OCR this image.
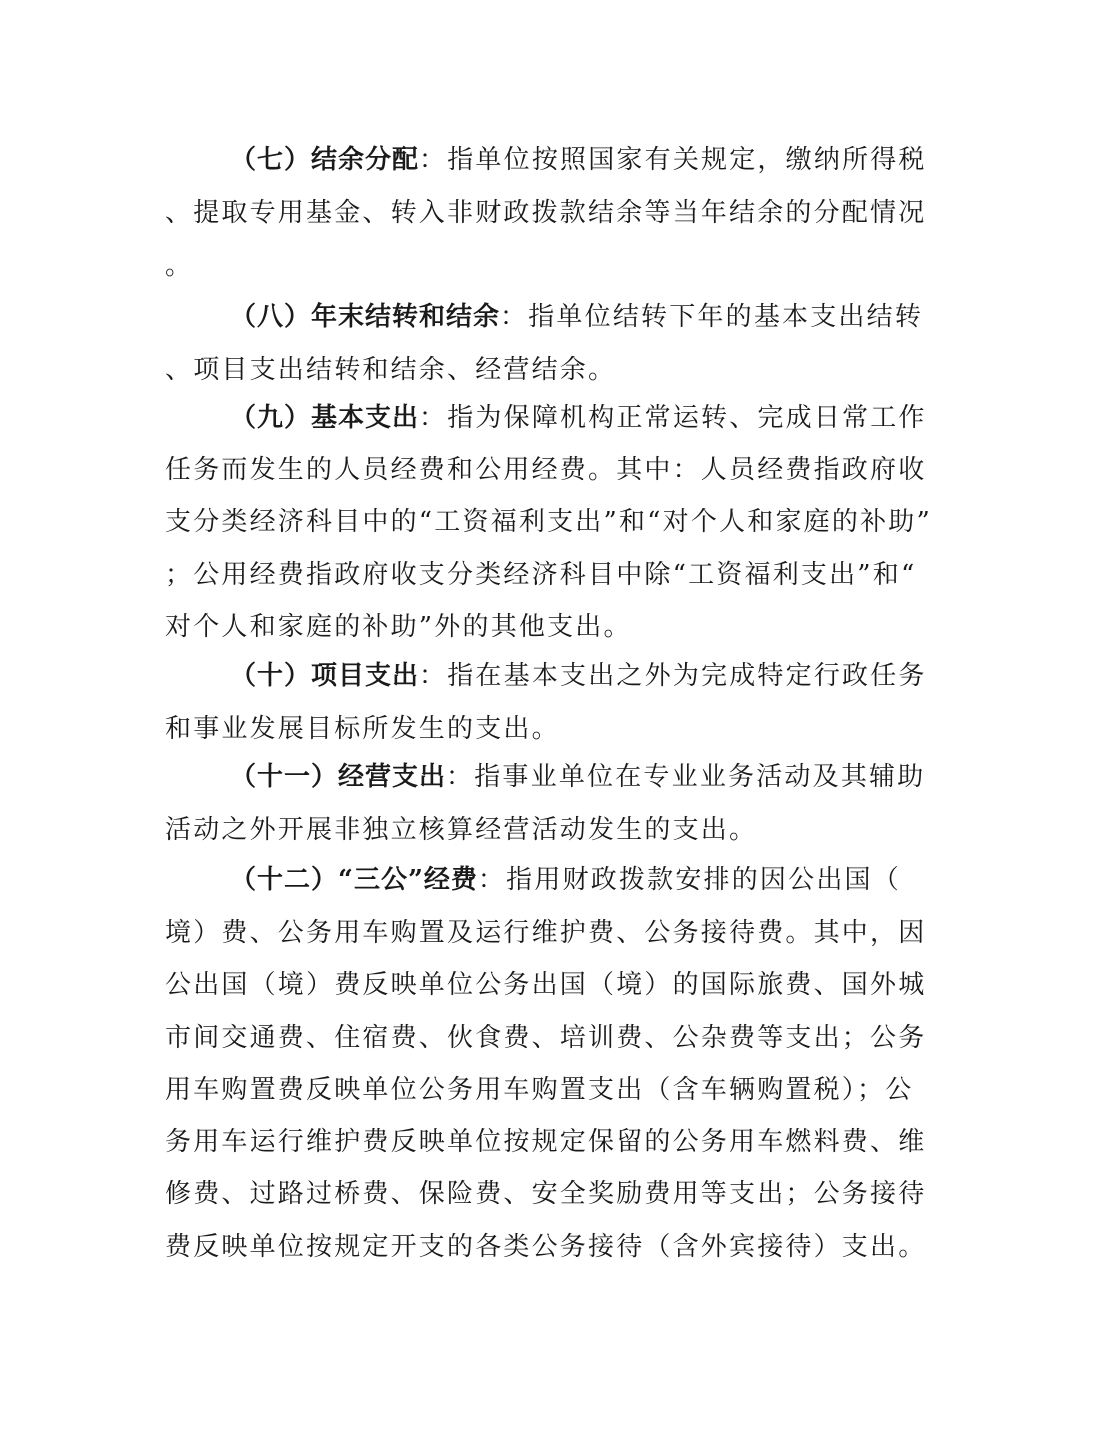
（七）结余分配：指单位按照国家有关规定，缴纳所得税
、提取专用基金、转入非财政拨款结余等当年结余的分配情况
。
（八）年末结转和结余：指单位结转下年的基本支出结转
、项目支出结转和结余、经营结余。
（九）基本支出：指为保障机构正常运转、完成日常工作
任务而发生的人员经费和公用经费。其中：人员经费指政府收
支分类经济科目中的“工资福利支出”和“对个人和家庭的补助”
；公用经费指政府收支分类经济科目中除“工资福利支出”和“
对个人和家庭的补助”外的其他支出。
（十）项目支出：指在基本支出之外为完成特定行政任务
和事业发展目标所发生的支出。
（十一）经营支出：指事业单位在专业业务活动及其辅助
活动之外开展非独立核算经营活动发生的支出。
（十二）“三公”经费：指用财政拨款安排的因公出国（
境）费、公务用车购置及运行维护费、公务接待费。其中，因
公出国（境）费反映单位公务出国（境）的国际旅费、国外城
市间交通费、住宿费、伙食费、培训费、公杂费等支出；公务
用车购置费反映单位公务用车购置支出（含车辆购置税）；公
务用车运行维护费反映单位按规定保留的公务用车燃料费、维
修费、过路过桥费、保险费、安全奖励费用等支出；公务接待
费反映单位按规定开支的各类公务接待（含外宾接待）支出。
